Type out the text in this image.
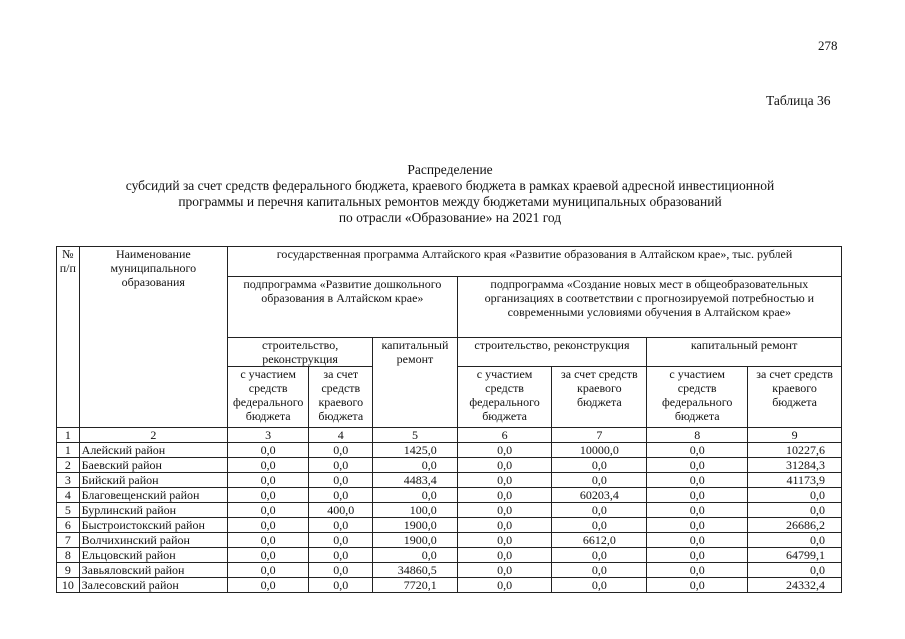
278
Таблица 36
Распределение
субсидий за счет средств федерального бюджета, краевого бюджета в рамках краевой адресной инвестиционной
программы и перечня капитальных ремонтов между бюджетами муниципальных образований
по отрасли «Образование» на 2021 год
№ п/п	Наименование муниципального образования	государственная программа Алтайского края «Развитие образования в Алтайском крае», тыс. рублей						
		подпрограмма «Развитие дошкольного образования в Алтайском крае»			подпрограмма «Создание новых мест в общеобразовательных организациях в соответствии с прогнозируемой потребностью и современными условиями обучения в Алтайском крае»			
		строительство, реконструкция		капитальный ремонт	строительство, реконструкция		капитальный ремонт	
		с участием средств федерального бюджета	за счет средств краевого бюджета		с участием средств федерального бюджета	за счет средств краевого бюджета	с участием средств федерального бюджета	за счет средств краевого бюджета
1	2	3	4	5	6	7	8	9
1	Алейский район	0,0	0,0	1425,0	0,0	10000,0	0,0	10227,6
2	Баевский район	0,0	0,0	0,0	0,0	0,0	0,0	31284,3
3	Бийский район	0,0	0,0	4483,4	0,0	0,0	0,0	41173,9
4	Благовещенский район	0,0	0,0	0,0	0,0	60203,4	0,0	0,0
5	Бурлинский район	0,0	400,0	100,0	0,0	0,0	0,0	0,0
6	Быстроистокский район	0,0	0,0	1900,0	0,0	0,0	0,0	26686,2
7	Волчихинский район	0,0	0,0	1900,0	0,0	6612,0	0,0	0,0
8	Ельцовский район	0,0	0,0	0,0	0,0	0,0	0,0	64799,1
9	Завьяловский район	0,0	0,0	34860,5	0,0	0,0	0,0	0,0
10	Залесовский район	0,0	0,0	7720,1	0,0	0,0	0,0	24332,4
